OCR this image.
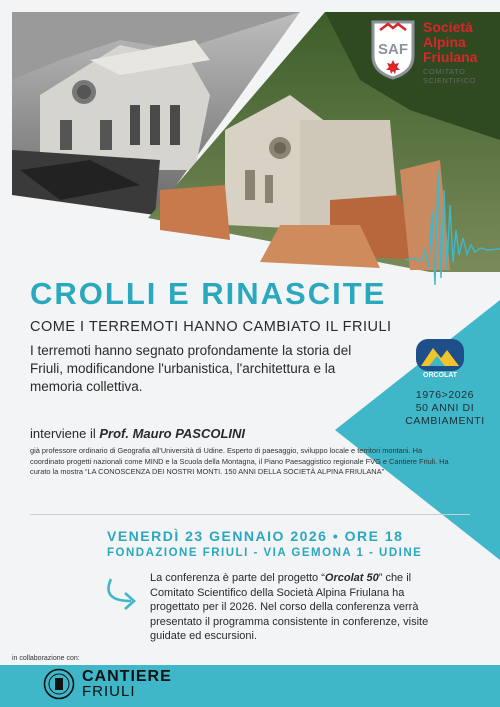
SAF
Società
Alpina
Friulana
COMITATO
SCIENTIFICO
ORCOLAT
1976>2026
50 ANNI DI
CAMBIAMENTI
CROLLI E RINASCITE
COME I TERREMOTI HANNO CAMBIATO IL FRIULI
I terremoti hanno segnato profondamente la storia del Friuli, modificandone l'urbanistica, l'architettura e la memoria collettiva.
interviene il Prof. Mauro PASCOLINI
già professore ordinario di Geografia all'Università di Udine. Esperto di paesaggio, sviluppo locale e territori montani. Ha coordinato progetti nazionali come MIND e la Scuola della Montagna, il Piano Paesaggistico regionale FVG e Cantiere Friuli. Ha curato la mostra “LA CONOSCENZA DEI NOSTRI MONTI. 150 ANNI DELLA SOCIETÀ ALPINA FRIULANA”
VENERDÌ 23 GENNAIO 2026 • ORE 18
FONDAZIONE FRIULI - VIA GEMONA 1 - UDINE
La conferenza è parte del progetto “Orcolat 50” che il Comitato Scientifico della Società Alpina Friulana ha progettato per il 2026. Nel corso della conferenza verrà presentato il programma consistente in conferenze, visite guidate ed escursioni.
in collaborazione con:
CANTIERE
FRIULI
